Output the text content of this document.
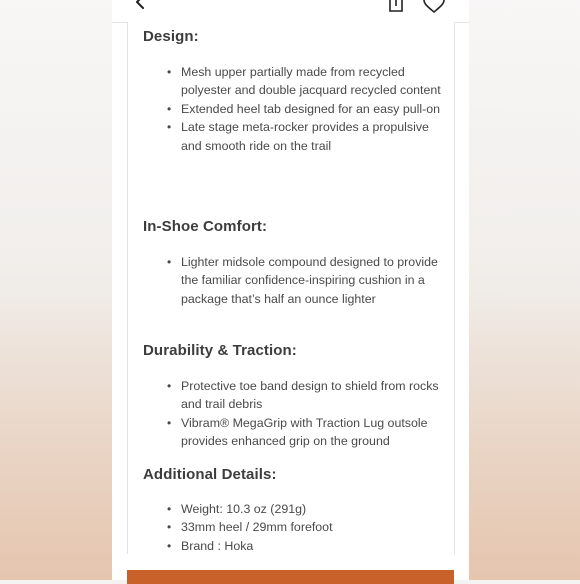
Design:
• Mesh upper partially made from recycled polyester and double jacquard recycled content
• Extended heel tab designed for an easy pull-on
• Late stage meta-rocker provides a propulsive and smooth ride on the trail
In-Shoe Comfort:
• Lighter midsole compound designed to provide the familiar confidence-inspiring cushion in a package that’s half an ounce lighter
Durability & Traction:
• Protective toe band design to shield from rocks and trail debris
• Vibram® MegaGrip with Traction Lug outsole provides enhanced grip on the ground
Additional Details:
• Weight: 10.3 oz (291g)
• 33mm heel / 29mm forefoot
• Brand : Hoka
